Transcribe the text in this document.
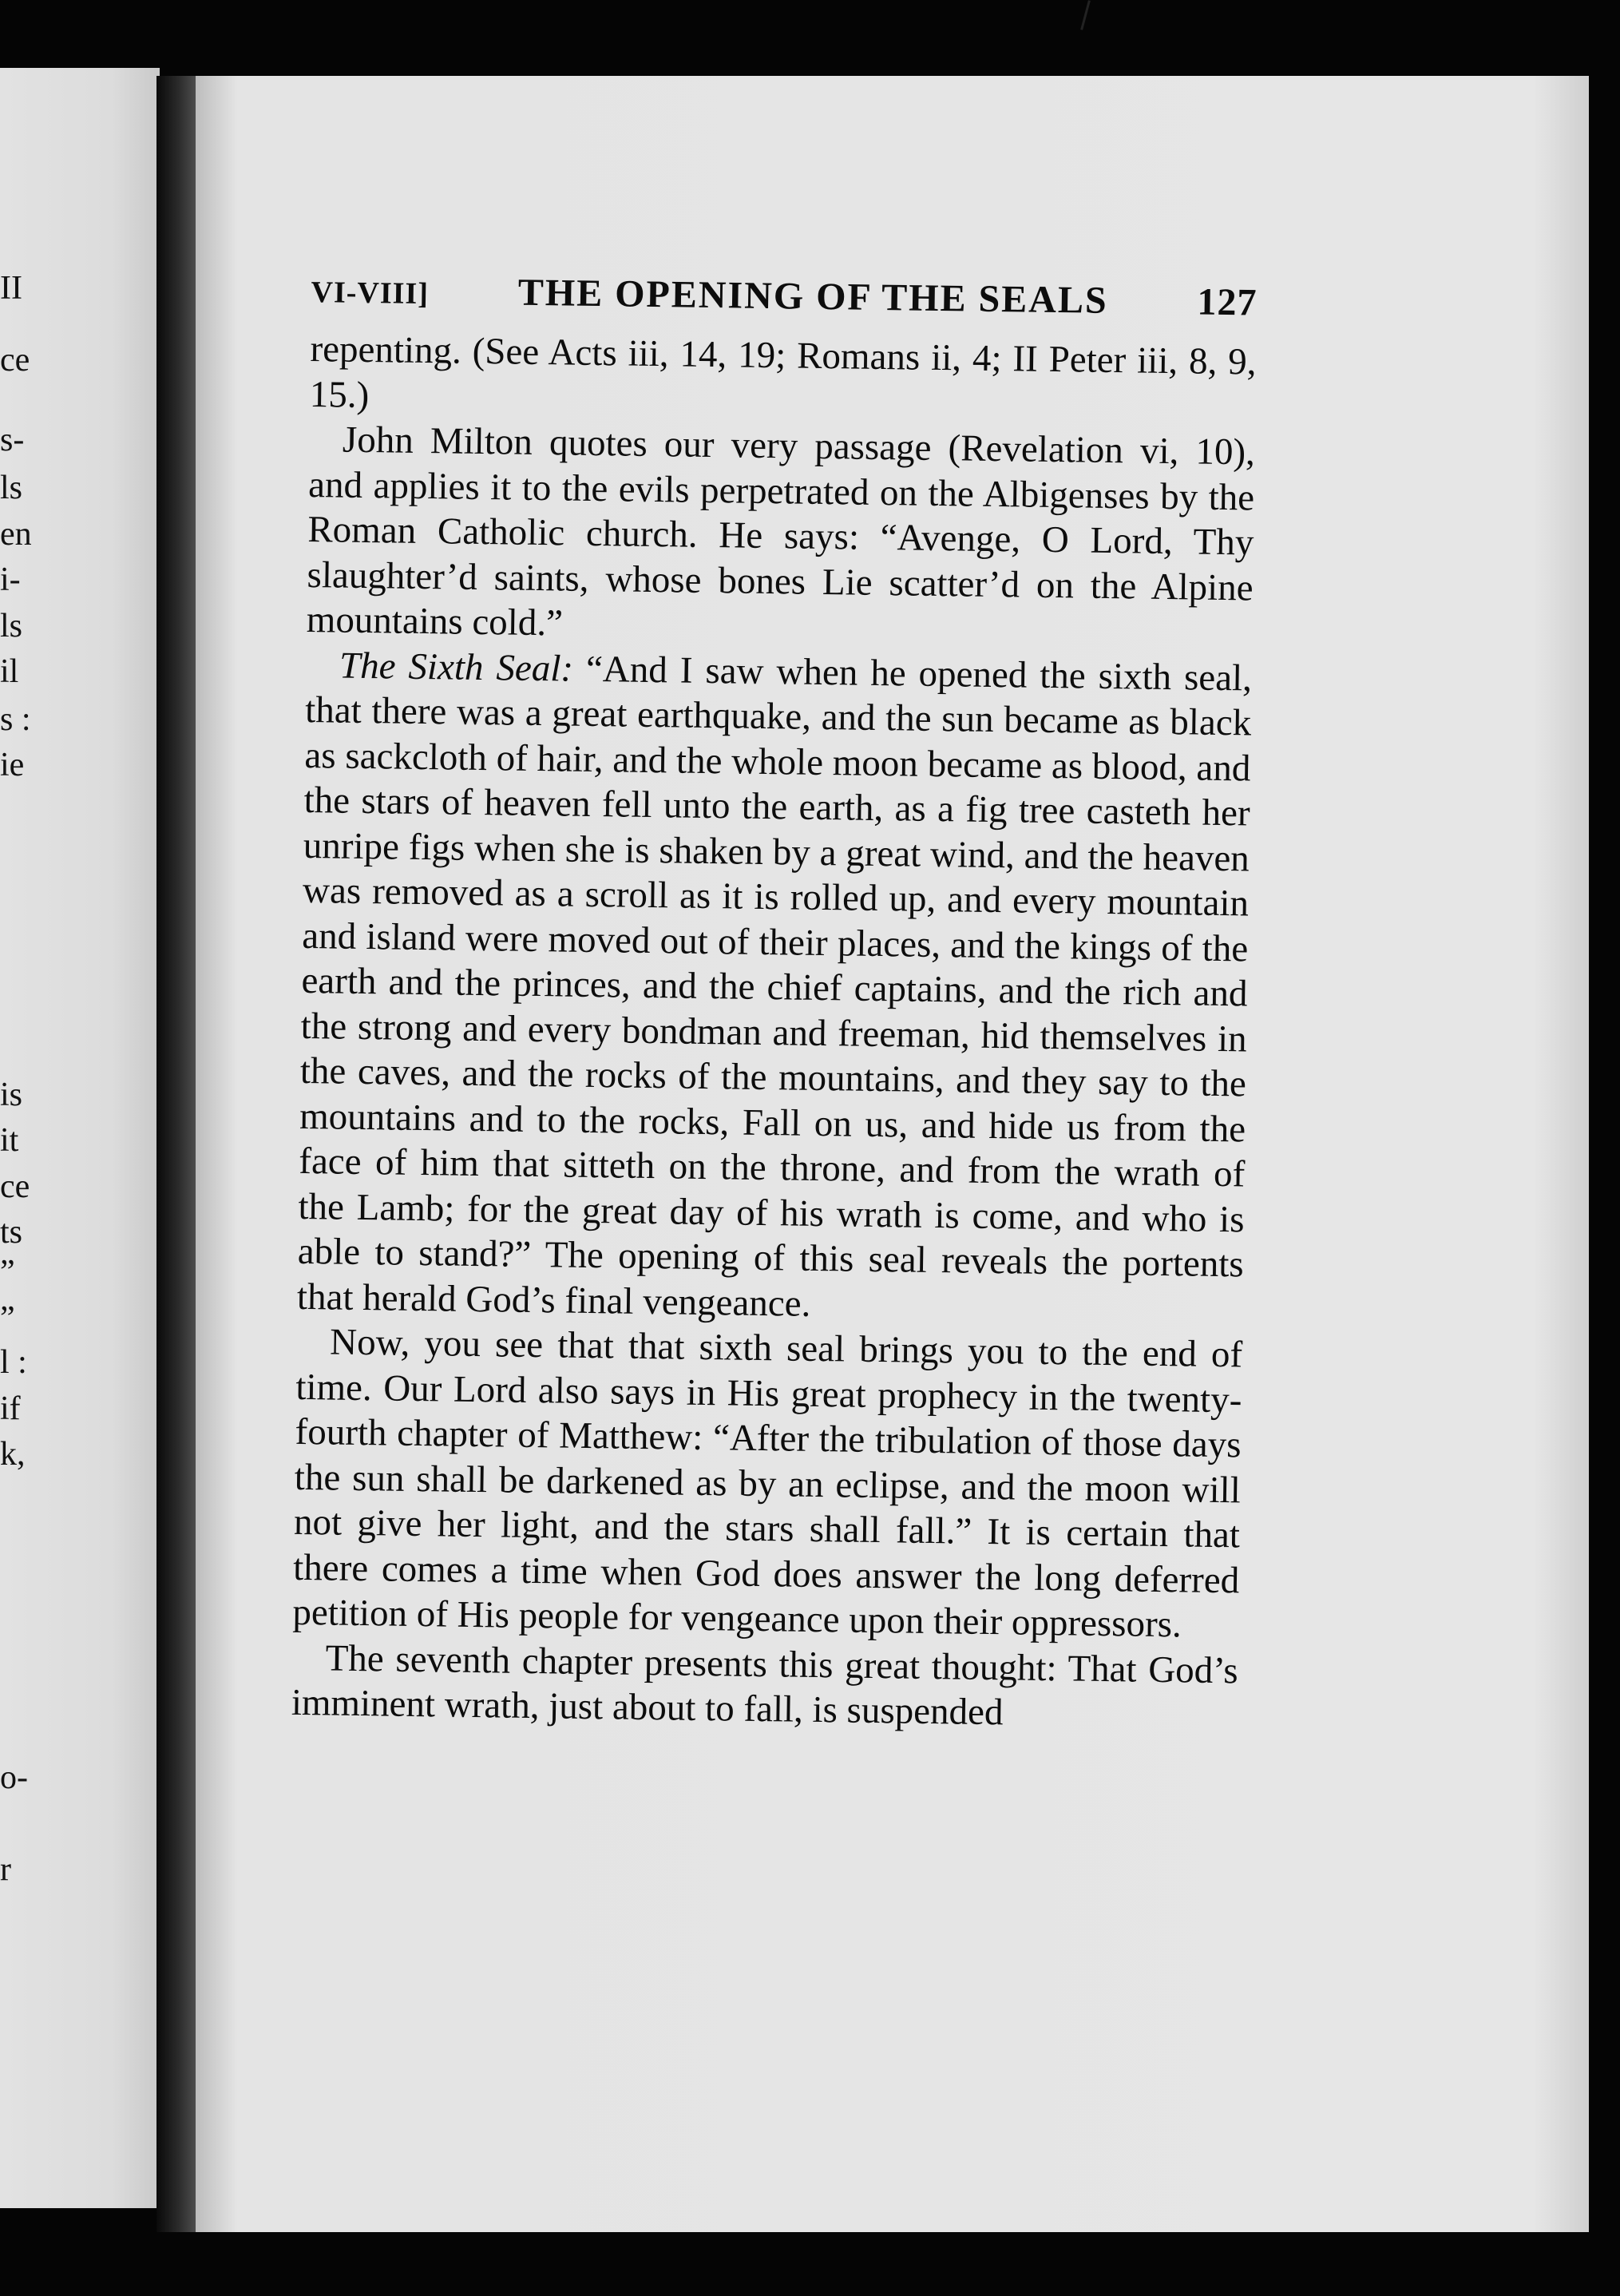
II
ce
s-
ls
en
i-
ls
il
s :
ie
is
it
ce
ts
”
”
l :
if
k,
o-
r
VI-VIII] THE OPENING OF THE SEALS 127

repenting. (See Acts iii, 14, 19; Romans ii, 4; II Peter iii, 8, 9, 15.)

John Milton quotes our very passage (Revelation vi, 10), and applies it to the evils perpetrated on the Albigenses by the Roman Catholic church. He says: “Avenge, O Lord, Thy slaughter’d saints, whose bones Lie scatter’d on the Alpine mountains cold.”

The Sixth Seal: “And I saw when he opened the sixth seal, that there was a great earthquake, and the sun became as black as sackcloth of hair, and the whole moon became as blood, and the stars of heaven fell unto the earth, as a fig tree casteth her unripe figs when she is shaken by a great wind, and the heaven was removed as a scroll as it is rolled up, and every mountain and island were moved out of their places, and the kings of the earth and the princes, and the chief captains, and the rich and the strong and every bondman and freeman, hid themselves in the caves, and the rocks of the mountains, and they say to the mountains and to the rocks, Fall on us, and hide us from the face of him that sitteth on the throne, and from the wrath of the Lamb; for the great day of his wrath is come, and who is able to stand?” The opening of this seal reveals the portents that herald God’s final vengeance.

Now, you see that that sixth seal brings you to the end of time. Our Lord also says in His great prophecy in the twenty-fourth chapter of Matthew: “After the tribulation of those days the sun shall be darkened as by an eclipse, and the moon will not give her light, and the stars shall fall.” It is certain that there comes a time when God does answer the long deferred petition of His people for vengeance upon their oppressors.

The seventh chapter presents this great thought: That God’s imminent wrath, just about to fall, is suspended
